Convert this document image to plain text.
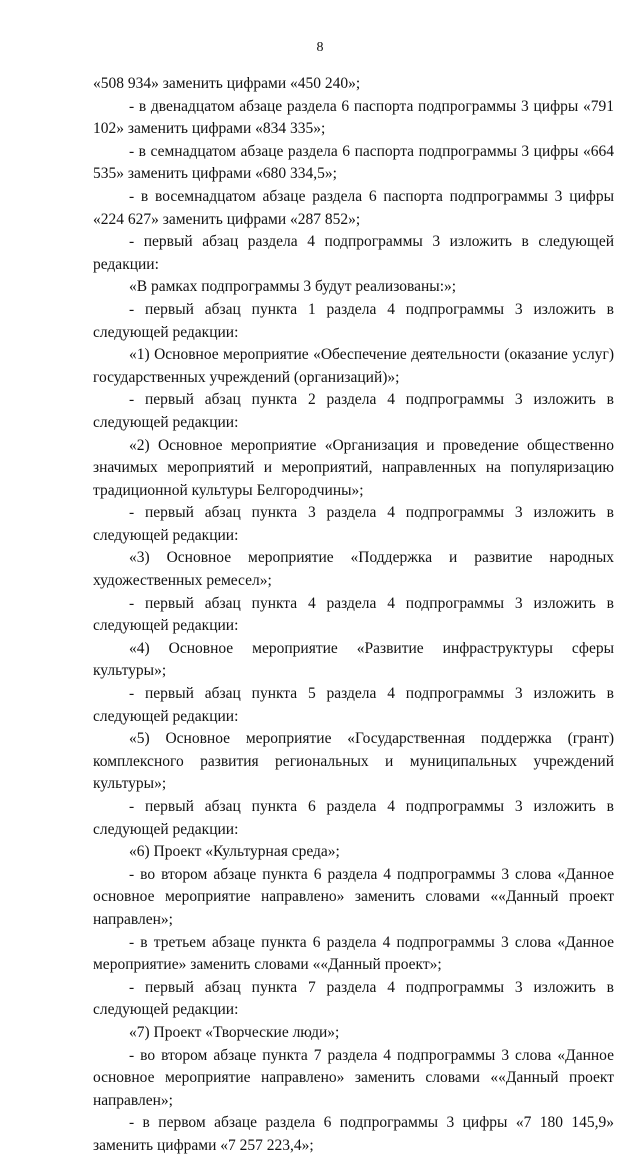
8

«508 934» заменить цифрами «450 240»;

- в двенадцатом абзаце раздела 6 паспорта подпрограммы 3 цифры «791 102» заменить цифрами «834 335»;

- в семнадцатом абзаце раздела 6 паспорта подпрограммы 3 цифры «664 535» заменить цифрами «680 334,5»;

- в восемнадцатом абзаце раздела 6 паспорта подпрограммы 3 цифры «224 627» заменить цифрами «287 852»;

- первый абзац раздела 4 подпрограммы 3 изложить в следующей редакции:

«В рамках подпрограммы 3 будут реализованы:»;

- первый абзац пункта 1 раздела 4 подпрограммы 3 изложить в следующей редакции:

«1) Основное мероприятие «Обеспечение деятельности (оказание услуг) государственных учреждений (организаций)»;

- первый абзац пункта 2 раздела 4 подпрограммы 3 изложить в следующей редакции:

«2) Основное мероприятие «Организация и проведение общественно значимых мероприятий и мероприятий, направленных на популяризацию традиционной культуры Белгородчины»;

- первый абзац пункта 3 раздела 4 подпрограммы 3 изложить в следующей редакции:

«3) Основное мероприятие «Поддержка и развитие народных художественных ремесел»;

- первый абзац пункта 4 раздела 4 подпрограммы 3 изложить в следующей редакции:

«4) Основное мероприятие «Развитие инфраструктуры сферы культуры»;

- первый абзац пункта 5 раздела 4 подпрограммы 3 изложить в следующей редакции:

«5) Основное мероприятие «Государственная поддержка (грант) комплексного развития региональных и муниципальных учреждений культуры»;

- первый абзац пункта 6 раздела 4 подпрограммы 3 изложить в следующей редакции:

«6) Проект «Культурная среда»;

- во втором абзаце пункта 6 раздела 4 подпрограммы 3 слова «Данное основное мероприятие направлено» заменить словами ««Данный проект направлен»;

- в третьем абзаце пункта 6 раздела 4 подпрограммы 3 слова «Данное мероприятие» заменить словами ««Данный проект»;

- первый абзац пункта 7 раздела 4 подпрограммы 3 изложить в следующей редакции:

«7) Проект «Творческие люди»;

- во втором абзаце пункта 7 раздела 4 подпрограммы 3 слова «Данное основное мероприятие направлено» заменить словами ««Данный проект направлен»;

- в первом абзаце раздела 6 подпрограммы 3 цифры «7 180 145,9» заменить цифрами «7 257 223,4»;
